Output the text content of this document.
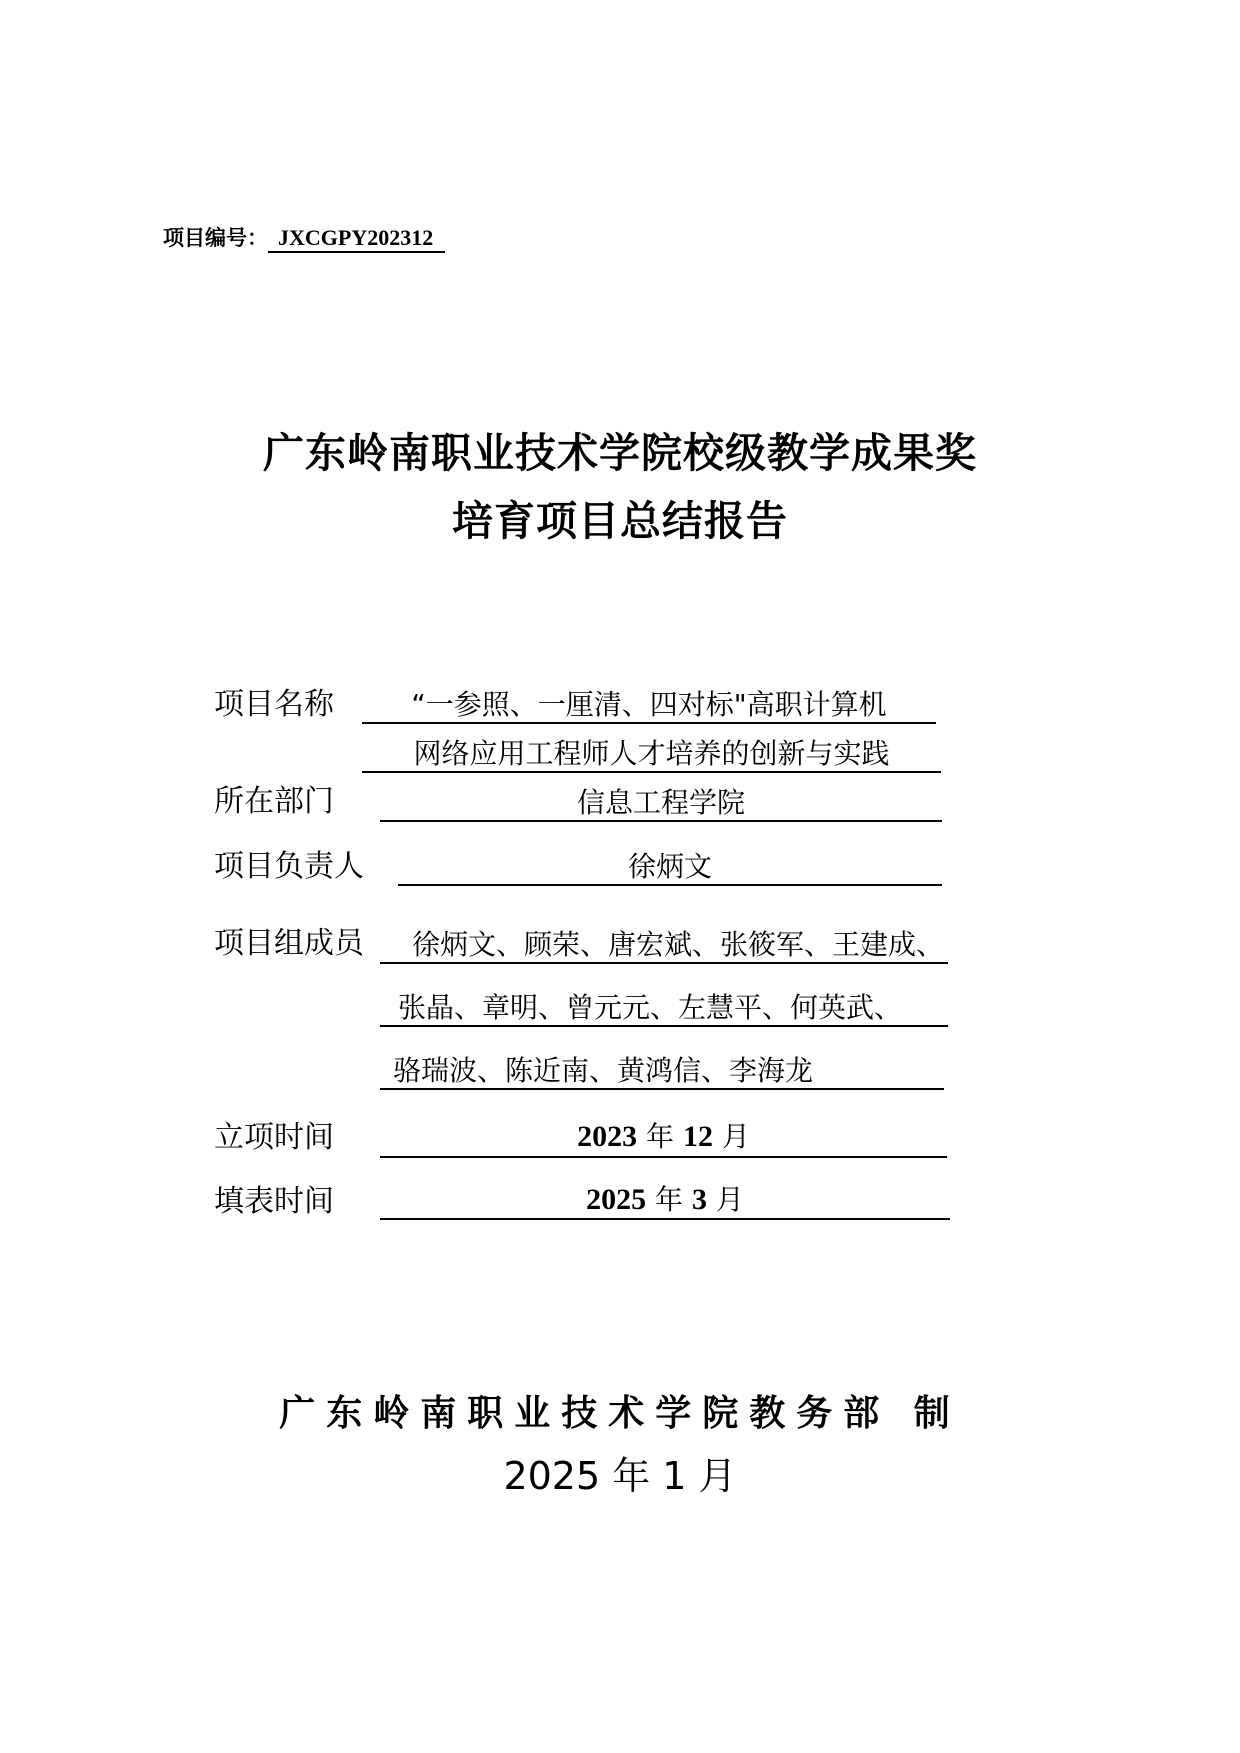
项目编号： JXCGPY202312
广东岭南职业技术学院校级教学成果奖
培育项目总结报告
项目名称	“一参照、一厘清、四对标"高职计算机
网络应用工程师人才培养的创新与实践
所在部门	信息工程学院
项目负责人	徐炳文
项目组成员 徐炳文、顾荣、唐宏斌、张筱军、王建成、
张晶、章明、曾元元、左慧平、何英武、
骆瑞波、陈近南、黄鸿信、李海龙
立项时间	2023 年 12 月
填表时间	2025 年 3 月
广东岭南职业技术学院教务部 制
2025 年 1 月
